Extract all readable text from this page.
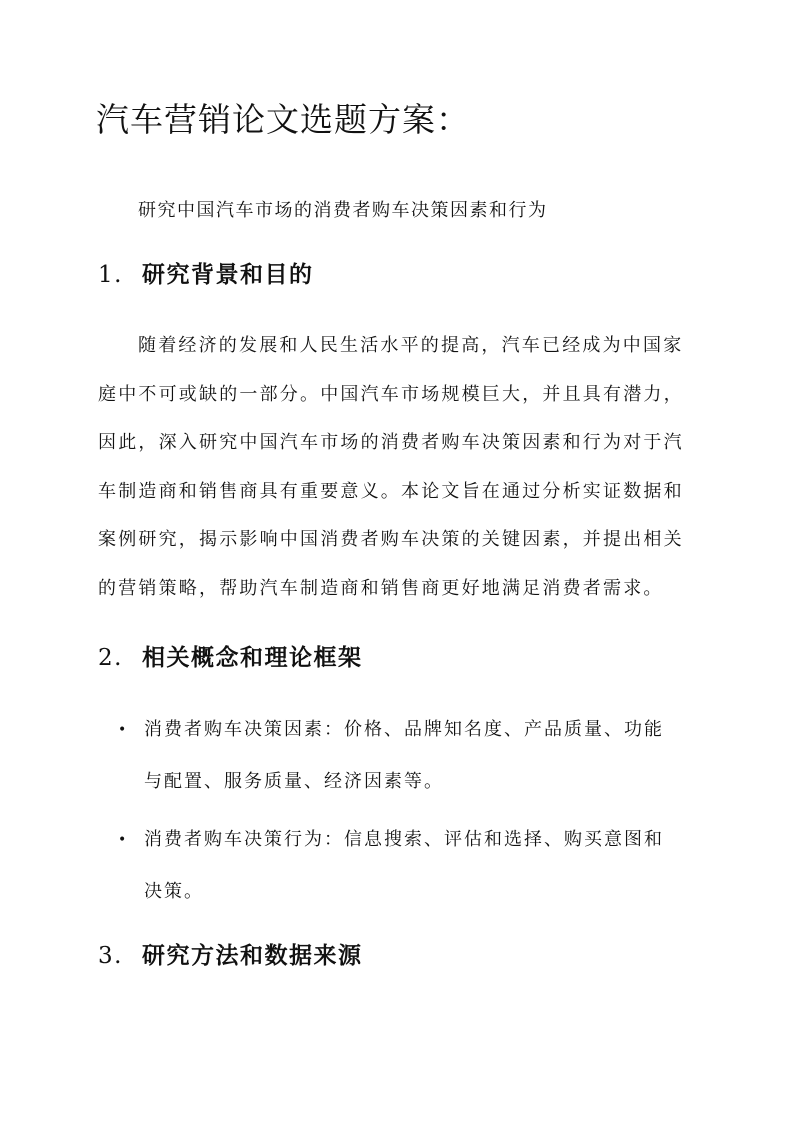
汽车营销论文选题方案：
研究中国汽车市场的消费者购车决策因素和行为
1. 研究背景和目的
随着经济的发展和人民生活水平的提高，汽车已经成为中国家
庭中不可或缺的一部分。中国汽车市场规模巨大，并且具有潜力，
因此，深入研究中国汽车市场的消费者购车决策因素和行为对于汽
车制造商和销售商具有重要意义。本论文旨在通过分析实证数据和
案例研究，揭示影响中国消费者购车决策的关键因素，并提出相关
的营销策略，帮助汽车制造商和销售商更好地满足消费者需求。
2. 相关概念和理论框架
• 消费者购车决策因素：价格、品牌知名度、产品质量、功能
与配置、服务质量、经济因素等。
• 消费者购车决策行为：信息搜索、评估和选择、购买意图和
决策。
3. 研究方法和数据来源
